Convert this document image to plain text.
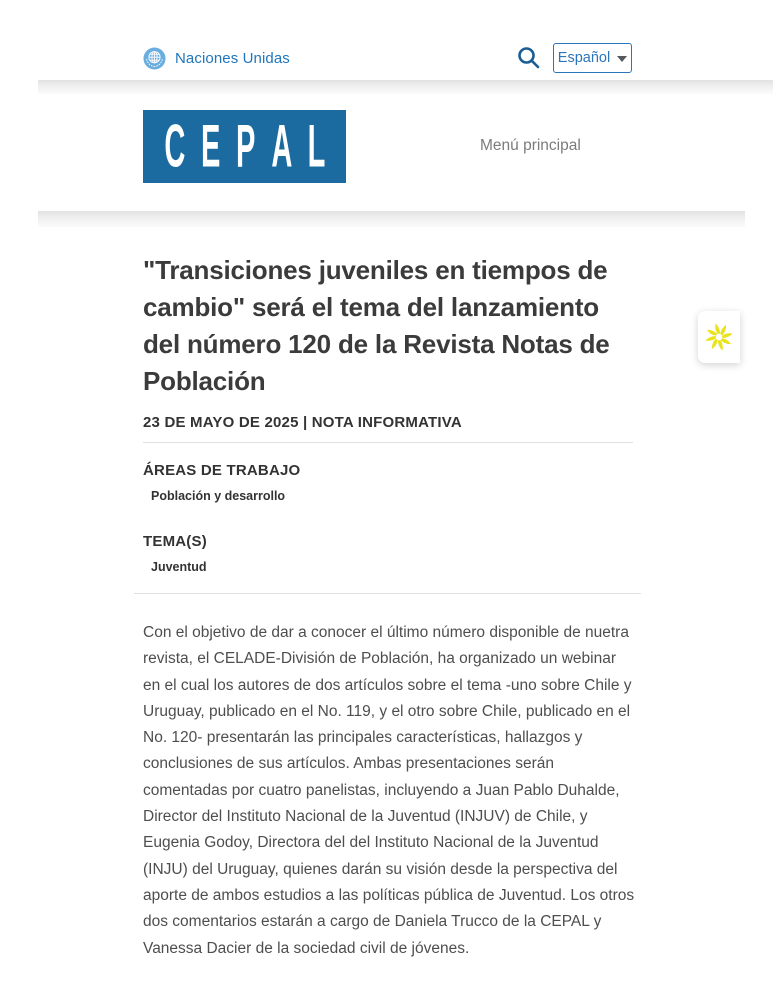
Naciones Unidas	Español
C E P A L	Menú principal
"Transiciones juveniles en tiempos de cambio" será el tema del lanzamiento del número 120 de la Revista Notas de Población
23 DE MAYO DE 2025 | NOTA INFORMATIVA
ÁREAS DE TRABAJO
Población y desarrollo
TEMA(S)
Juventud

Con el objetivo de dar a conocer el último número disponible de nuetra revista, el CELADE-División de Población, ha organizado un webinar en el cual los autores de dos artículos sobre el tema -uno sobre Chile y Uruguay, publicado en el No. 119, y el otro sobre Chile, publicado en el No. 120- presentarán las principales características, hallazgos y conclusiones de sus artículos. Ambas presentaciones serán comentadas por cuatro panelistas, incluyendo a Juan Pablo Duhalde, Director del Instituto Nacional de la Juventud (INJUV) de Chile, y Eugenia Godoy, Directora del del Instituto Nacional de la Juventud (INJU) del Uruguay, quienes darán su visión desde la perspectiva del aporte de ambos estudios a las políticas pública de Juventud. Los otros dos comentarios estarán a cargo de Daniela Trucco de la CEPAL y Vanessa Dacier de la sociedad civil de jóvenes.
